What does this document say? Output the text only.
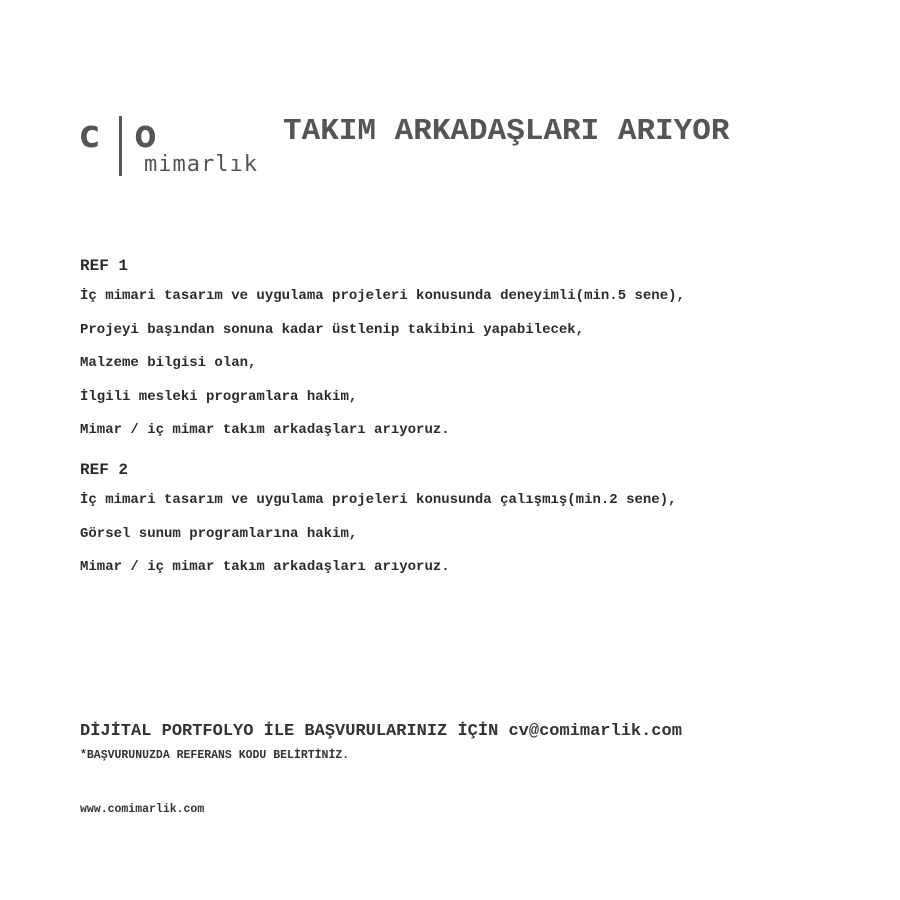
c o
mimarlık
TAKIM ARKADAŞLARI ARIYOR
REF 1
İç mimari tasarım ve uygulama projeleri konusunda deneyimli(min.5 sene),
Projeyi başından sonuna kadar üstlenip takibini yapabilecek,
Malzeme bilgisi olan,
İlgili mesleki programlara hakim,
Mimar / iç mimar takım arkadaşları arıyoruz.
REF 2
İç mimari tasarım ve uygulama projeleri konusunda çalışmış(min.2 sene),
Görsel sunum programlarına hakim,
Mimar / iç mimar takım arkadaşları arıyoruz.
DİJİTAL PORTFOLYO İLE BAŞVURULARINIZ İÇİN cv@comimarlik.com
*BAŞVURUNUZDA REFERANS KODU BELİRTİNİZ.
www.comimarlik.com
